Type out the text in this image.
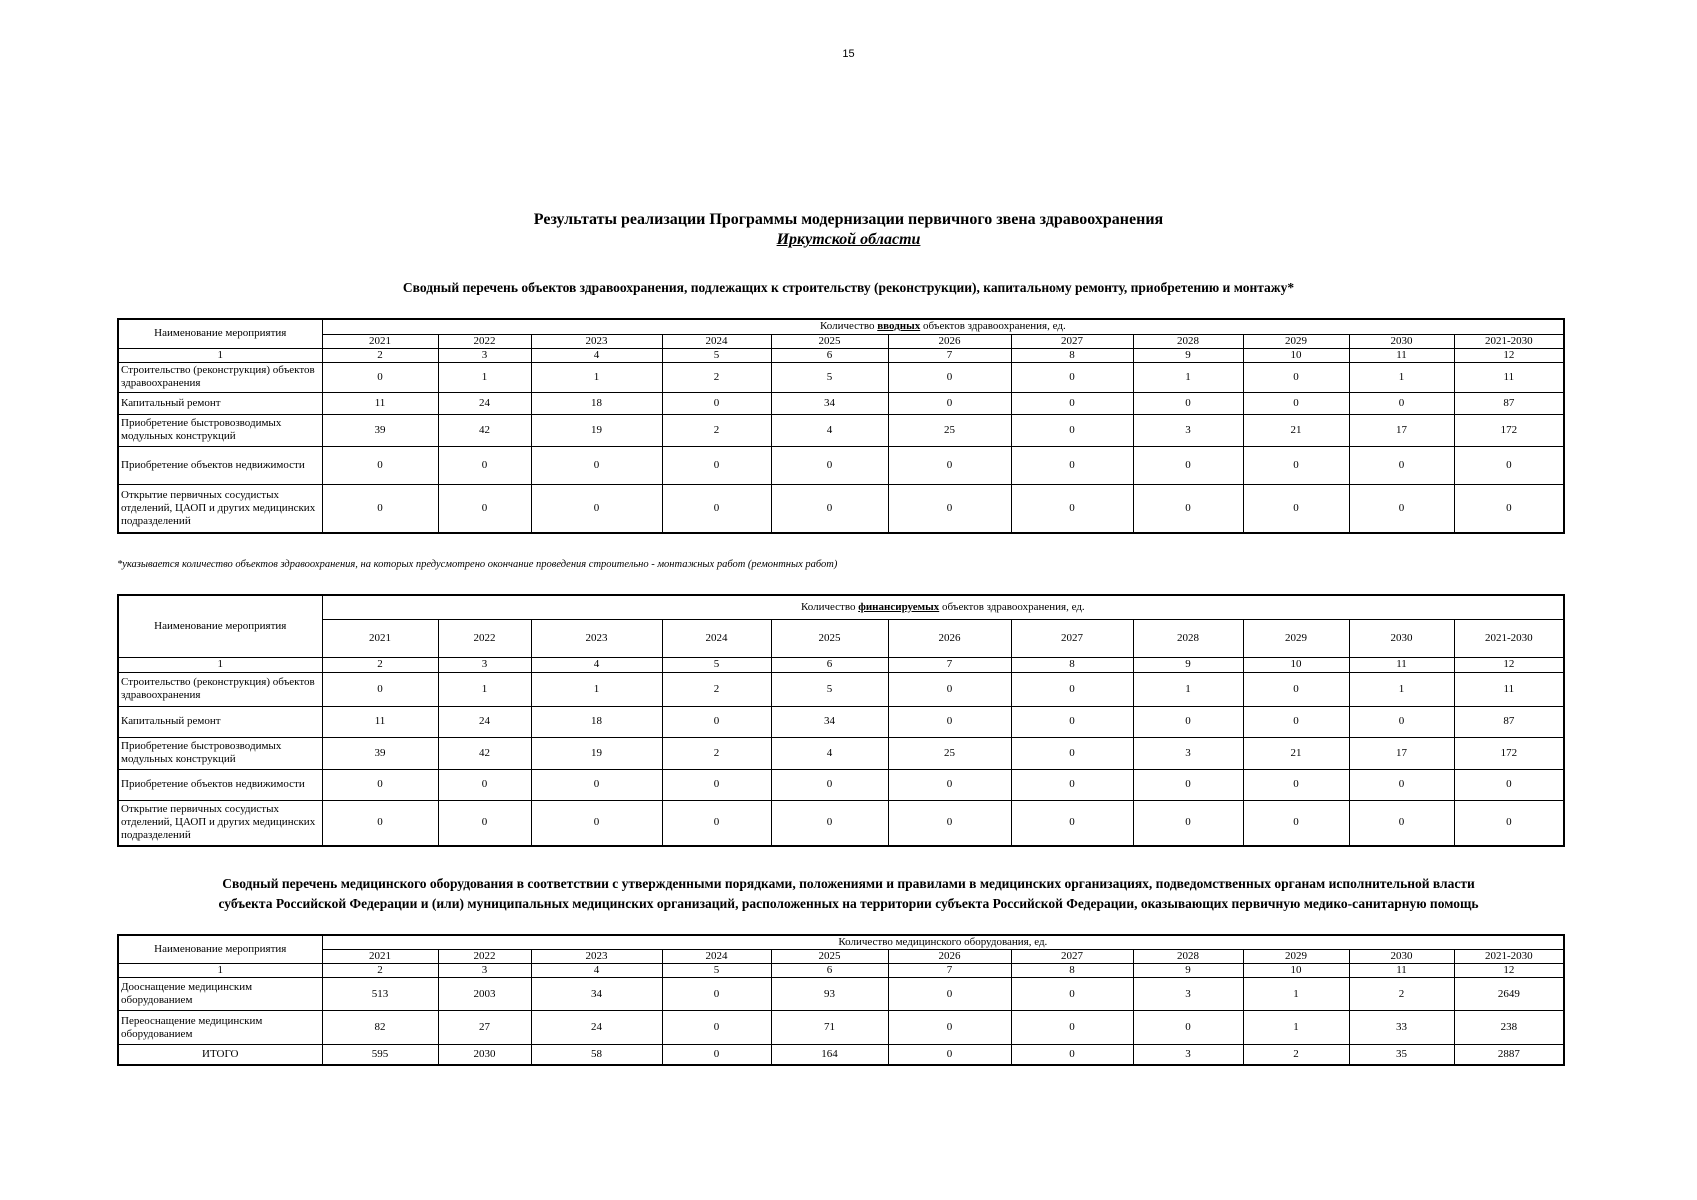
15
Результаты реализации Программы модернизации первичного звена здравоохранения
Иркутской области
Сводный перечень объектов здравоохранения, подлежащих к строительству (реконструкции), капитальному ремонту, приобретению и монтажу*
Наименование мероприятия	Количество вводных объектов здравоохранения, ед.										
	2021	2022	2023	2024	2025	2026	2027	2028	2029	2030	2021-2030
1	2	3	4	5	6	7	8	9	10	11	12
Строительство (реконструкция) объектов здравоохранения	0	1	1	2	5	0	0	1	0	1	11
Капитальный ремонт	11	24	18	0	34	0	0	0	0	0	87
Приобретение быстровозводимых модульных конструкций	39	42	19	2	4	25	0	3	21	17	172
Приобретение объектов недвижимости	0	0	0	0	0	0	0	0	0	0	0
Открытие первичных сосудистых отделений, ЦАОП и других медицинских подразделений	0	0	0	0	0	0	0	0	0	0	0
*указывается количество объектов здравоохранения, на которых предусмотрено окончание проведения строительно - монтажных работ (ремонтных работ)
Наименование мероприятия	Количество финансируемых объектов здравоохранения, ед.										
	2021	2022	2023	2024	2025	2026	2027	2028	2029	2030	2021-2030
1	2	3	4	5	6	7	8	9	10	11	12
Строительство (реконструкция) объектов здравоохранения	0	1	1	2	5	0	0	1	0	1	11
Капитальный ремонт	11	24	18	0	34	0	0	0	0	0	87
Приобретение быстровозводимых модульных конструкций	39	42	19	2	4	25	0	3	21	17	172
Приобретение объектов недвижимости	0	0	0	0	0	0	0	0	0	0	0
Открытие первичных сосудистых отделений, ЦАОП и других медицинских подразделений	0	0	0	0	0	0	0	0	0	0	0
Сводный перечень медицинского оборудования в соответствии с утвержденными порядками, положениями и правилами в медицинских организациях, подведомственных органам исполнительной власти
субъекта Российской Федерации и (или) муниципальных медицинских организаций, расположенных на территории субъекта Российской Федерации, оказывающих первичную медико-санитарную помощь
Наименование мероприятия	Количество медицинского оборудования, ед.										
	2021	2022	2023	2024	2025	2026	2027	2028	2029	2030	2021-2030
1	2	3	4	5	6	7	8	9	10	11	12
Дооснащение медицинским оборудованием	513	2003	34	0	93	0	0	3	1	2	2649
Переоснащение медицинским оборудованием	82	27	24	0	71	0	0	0	1	33	238
ИТОГО	595	2030	58	0	164	0	0	3	2	35	2887
